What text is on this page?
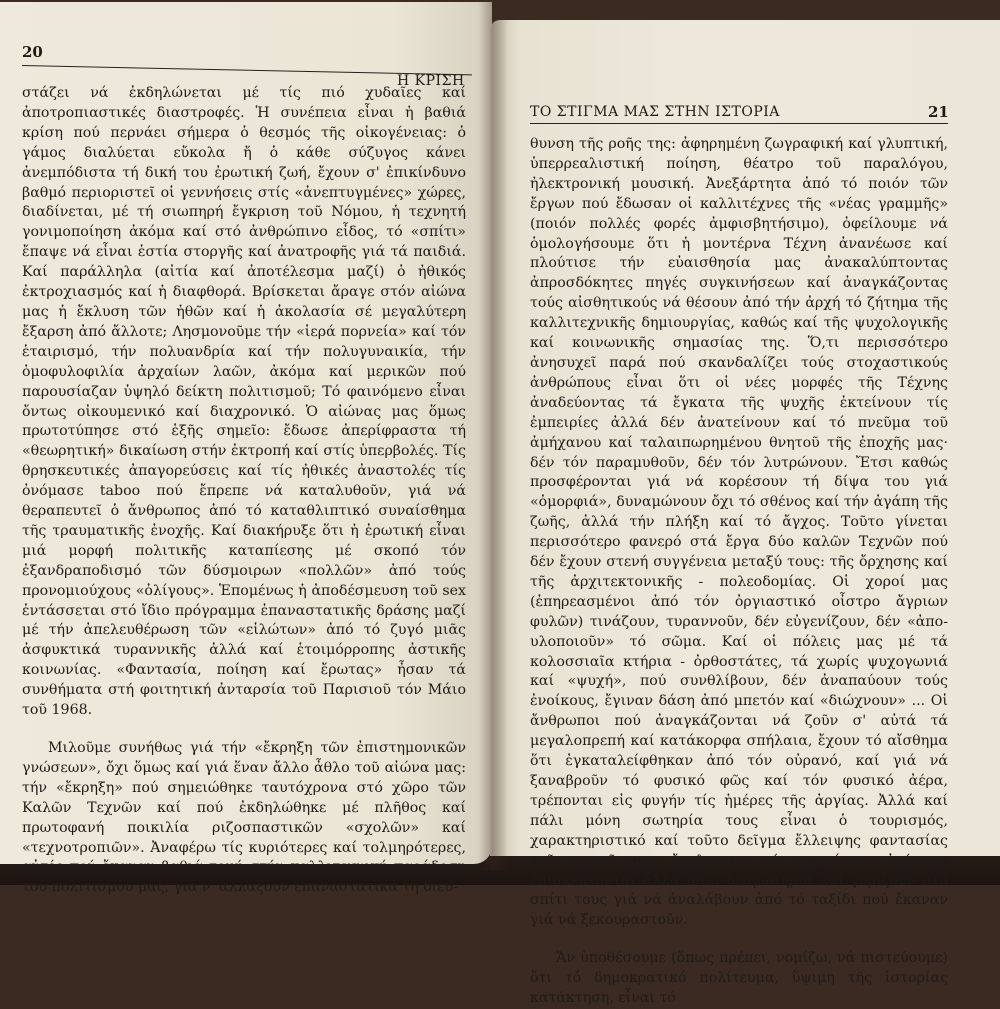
20
Η ΚΡΙΣΗ

στάζει νά ἐκδηλώνεται μέ τίς πιό χυδαῖες καί ἀποτροπιαστικές διαστροφές. Ἡ συνέπεια εἶναι ἡ βαθιά κρίση πού περνάει σήμερα ὁ θεσμός τῆς οἰκογένειας: ὁ γάμος διαλύεται εὔκολα ἤ ὁ κάθε σύζυγος κάνει ἀνεμπόδιστα τή δική του ἐρωτική ζωή, ἔχουν σ' ἐπικίνδυνο βαθμό περιοριστεῖ οἱ γεννήσεις στίς «ἀνεπτυγμένες» χώρες, διαδίνεται, μέ τή σιωπηρή ἔγκριση τοῦ Νόμου, ἡ τεχνητή γονιμοποίηση ἀκόμα καί στό ἀνθρώπινο εἶδος, τό «σπίτι» ἔπαψε νά εἶναι ἑστία στοργῆς καί ἀνατροφῆς γιά τά παιδιά. Καί παράλληλα (αἰτία καί ἀποτέλεσμα μαζί) ὁ ἠθικός ἐκτροχιασμός καί ἡ διαφθορά. Βρίσκεται ἄραγε στόν αἰώνα μας ἡ ἔκλυση τῶν ἠθῶν καί ἡ ἀκολασία σέ μεγαλύτερη ἔξαρση ἀπό ἄλλοτε; Λησμονοῦμε τήν «ἱερά πορνεία» καί τόν ἑταιρισμό, τήν πολυανδρία καί τήν πολυγυναικία, τήν ὁμοφυλοφιλία ἀρχαίων λαῶν, ἀκόμα καί μερικῶν πού παρουσίαζαν ὑψηλό δείκτη πολιτισμοῦ; Τό φαινόμενο εἶναι ὄντως οἰκουμενικό καί διαχρονικό. Ὁ αἰώνας μας ὅμως πρωτοτύπησε στό ἑξῆς σημεῖο: ἔδωσε ἀπερίφραστα τή «θεωρητική» δικαίωση στήν ἐκτροπή καί στίς ὑπερβολές. Τίς θρησκευτικές ἀπαγορεύσεις καί τίς ἠθικές ἀναστολές τίς ὀνόμασε taboo πού ἔπρεπε νά καταλυθοῦν, γιά νά θεραπευτεῖ ὁ ἄνθρωπος ἀπό τό καταθλιπτικό συναίσθημα τῆς τραυματικῆς ἐνοχῆς. Καί διακήρυξε ὅτι ἡ ἐρωτική εἶναι μιά μορφή πολιτικῆς καταπίεσης μέ σκοπό τόν ἐξανδραποδισμό τῶν δύσμοιρων «πολλῶν» ἀπό τούς προνομιούχους «ὀλίγους». Ἑπομένως ἡ ἀποδέσμευση τοῦ sex ἐντάσσεται στό ἴδιο πρόγραμμα ἐπαναστατικῆς δράσης μαζί μέ τήν ἀπελευθέρωση τῶν «εἱλώτων» ἀπό τό ζυγό μιᾶς ἀσφυκτικά τυραννικῆς ἀλλά καί ἑτοιμόρροπης ἀστικῆς κοινωνίας. «Φαντασία, ποίηση καί ἔρωτας» ἦσαν τά συνθήματα στή φοιτητική ἀνταρσία τοῦ Παρισιοῦ τόν Μάιο τοῦ 1968.

Μιλοῦμε συνήθως γιά τήν «ἔκρηξη τῶν ἐπιστημονικῶν γνώσεων», ὄχι ὅμως καί γιά ἕναν ἄλλο ἆθλο τοῦ αἰώνα μας: τήν «ἔκρηξη» πού σημειώθηκε ταυτόχρονα στό χῶρο τῶν Καλῶν Τεχνῶν καί πού ἐκδηλώθηκε μέ πλῆθος καί πρωτοφανή ποικιλία ριζοσπαστικῶν «σχολῶν» καί «τεχνοτροπιῶν». Ἀναφέρω τίς κυριότερες καί τολμηρότερες, αὐτές πού ἔκαναν βαθιά τομή στήν καλλιτεχνική παράδοση τοῦ πολιτισμοῦ μας, γιά ν' ἀλλάξουν ἐπαναστατικά τή διεύ-

ΤΟ ΣΤΙΓΜΑ ΜΑΣ ΣΤΗΝ ΙΣΤΟΡΙΑ	21

θυνση τῆς ροῆς της: ἀφηρημένη ζωγραφική καί γλυπτική, ὑπερρεαλιστική ποίηση, θέατρο τοῦ παραλόγου, ἠλεκτρονική μουσική. Ἀνεξάρτητα ἀπό τό ποιόν τῶν ἔργων πού ἔδωσαν οἱ καλλιτέχνες τῆς «νέας γραμμῆς» (ποιόν πολλές φορές ἀμφισβητήσιμο), ὀφείλουμε νά ὁμολογήσουμε ὅτι ἡ μοντέρνα Τέχνη ἀνανέωσε καί πλούτισε τήν εὐαισθησία μας ἀνακαλύπτοντας ἀπροσδόκητες πηγές συγκινήσεων καί ἀναγκάζοντας τούς αἰσθητικούς νά θέσουν ἀπό τήν ἀρχή τό ζήτημα τῆς καλλιτεχνικῆς δημιουργίας, καθώς καί τῆς ψυχολογικῆς καί κοινωνικῆς σημασίας της. Ὅ,τι περισσότερο ἀνησυχεῖ παρά πού σκανδαλίζει τούς στοχαστικούς ἀνθρώπους εἶναι ὅτι οἱ νέες μορφές τῆς Τέχνης ἀναδεύοντας τά ἔγκατα τῆς ψυχῆς ἐκτείνουν τίς ἐμπειρίες ἀλλά δέν ἀνατείνουν καί τό πνεῦμα τοῦ ἀμήχανου καί ταλαιπωρημένου θνητοῦ τῆς ἐποχῆς μας· δέν τόν παραμυθοῦν, δέν τόν λυτρώνουν. Ἔτσι καθώς προσφέρονται γιά νά κορέσουν τή δίψα του γιά «ὀμορφιά», δυναμώνουν ὄχι τό σθένος καί τήν ἀγάπη τῆς ζωῆς, ἀλλά τήν πλήξη καί τό ἄγχος. Τοῦτο γίνεται περισσότερο φανερό στά ἔργα δύο καλῶν Τεχνῶν πού δέν ἔχουν στενή συγγένεια μεταξύ τους: τῆς ὄρχησης καί τῆς ἀρχιτεκτονικῆς - πολεοδομίας. Οἱ χοροί μας (ἐπηρεασμένοι ἀπό τόν ὀργιαστικό οἶστρο ἄγριων φυλῶν) τινάζουν, τυραννοῦν, δέν εὐγενίζουν, δέν «ἀπο-υλοποιοῦν» τό σῶμα. Καί οἱ πόλεις μας μέ τά κολοσσιαῖα κτήρια - ὀρθοστάτες, τά χωρίς ψυχογωνιά καί «ψυχή», πού συνθλίβουν, δέν ἀναπαύουν τούς ἐνοίκους, ἔγιναν δάση ἀπό μπετόν καί «διώχνουν» ... Οἱ ἄνθρωποι πού ἀναγκάζονται νά ζοῦν σ' αὐτά τά μεγαλοπρεπή καί κατάκορφα σπήλαια, ἔχουν τό αἴσθημα ὅτι ἐγκαταλείφθηκαν ἀπό τόν οὐρανό, καί γιά νά ξαναβροῦν τό φυσικό φῶς καί τόν φυσικό ἀέρα, τρέπονται εἰς φυγήν τίς ἡμέρες τῆς ἀργίας. Ἀλλά καί πάλι μόνη σωτηρία τους εἶναι ὁ τουρισμός, χαρακτηριστικό καί τοῦτο δεῖγμα ἔλλειψης φαντασίας τοῦ καιροῦ μας: ἔγκλειστοι σέ ταχυκίνητα ὀχήματα ἐπισκέπτονται ἄλλα πάλι δεσμωτήρια καί γυρίζουν στό σπίτι τους γιά νά ἀναλάβουν ἀπό τό ταξίδι πού ἔκαναν γιά νά ξεκουραστοῦν.

Ἄν ὑποθέσουμε (ὅπως πρέπει, νομίζω, νά πιστεύουμε) ὅτι τό δημοκρατικό πολίτευμα, ὕψιμη τῆς ἱστορίας κατάκτηση, εἶναι τό
